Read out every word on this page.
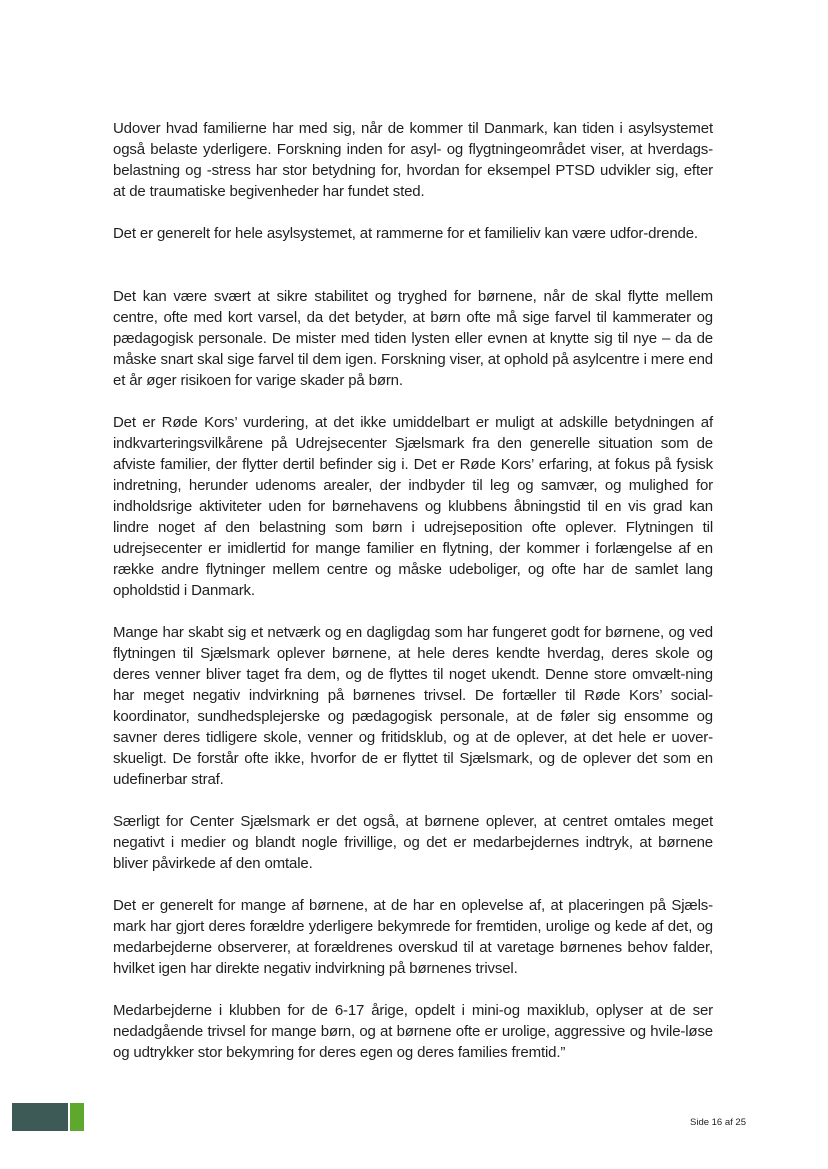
Udover hvad familierne har med sig, når de kommer til Danmark, kan tiden i asylsystemet også belaste yderligere. Forskning inden for asyl- og flygtningeområdet viser, at hverdags-belastning og -stress har stor betydning for, hvordan for eksempel PTSD udvikler sig, efter at de traumatiske begivenheder har fundet sted.

Det er generelt for hele asylsystemet, at rammerne for et familieliv kan være udfor-drende.

Det kan være svært at sikre stabilitet og tryghed for børnene, når de skal flytte mellem centre, ofte med kort varsel, da det betyder, at børn ofte må sige farvel til kammerater og pædagogisk personale. De mister med tiden lysten eller evnen at knytte sig til nye – da de måske snart skal sige farvel til dem igen. Forskning viser, at ophold på asylcentre i mere end et år øger risikoen for varige skader på børn.

Det er Røde Kors’ vurdering, at det ikke umiddelbart er muligt at adskille betydningen af indkvarteringsvilkårene på Udrejsecenter Sjælsmark fra den generelle situation som de afviste familier, der flytter dertil befinder sig i. Det er Røde Kors’ erfaring, at fokus på fysisk indretning, herunder udenoms arealer, der indbyder til leg og samvær, og mulighed for indholdsrige aktiviteter uden for børnehavens og klubbens åbningstid til en vis grad kan lindre noget af den belastning som børn i udrejseposition ofte oplever. Flytningen til udrejsecenter er imidlertid for mange familier en flytning, der kommer i forlængelse af en række andre flytninger mellem centre og måske udeboliger, og ofte har de samlet lang opholdstid i Danmark.

Mange har skabt sig et netværk og en dagligdag som har fungeret godt for børnene, og ved flytningen til Sjælsmark oplever børnene, at hele deres kendte hverdag, deres skole og deres venner bliver taget fra dem, og de flyttes til noget ukendt. Denne store omvælt-ning har meget negativ indvirkning på børnenes trivsel. De fortæller til Røde Kors’ social-koordinator, sundhedsplejerske og pædagogisk personale, at de føler sig ensomme og savner deres tidligere skole, venner og fritidsklub, og at de oplever, at det hele er uover-skueligt. De forstår ofte ikke, hvorfor de er flyttet til Sjælsmark, og de oplever det som en udefinerbar straf.

Særligt for Center Sjælsmark er det også, at børnene oplever, at centret omtales meget negativt i medier og blandt nogle frivillige, og det er medarbejdernes indtryk, at børnene bliver påvirkede af den omtale.

Det er generelt for mange af børnene, at de har en oplevelse af, at placeringen på Sjæls-mark har gjort deres forældre yderligere bekymrede for fremtiden, urolige og kede af det, og medarbejderne observerer, at forældrenes overskud til at varetage børnenes behov falder, hvilket igen har direkte negativ indvirkning på børnenes trivsel.

Medarbejderne i klubben for de 6-17 årige, opdelt i mini-og maxiklub, oplyser at de ser nedadgående trivsel for mange børn, og at børnene ofte er urolige, aggressive og hvile-løse og udtrykker stor bekymring for deres egen og deres families fremtid.”

Side 16 af 25
